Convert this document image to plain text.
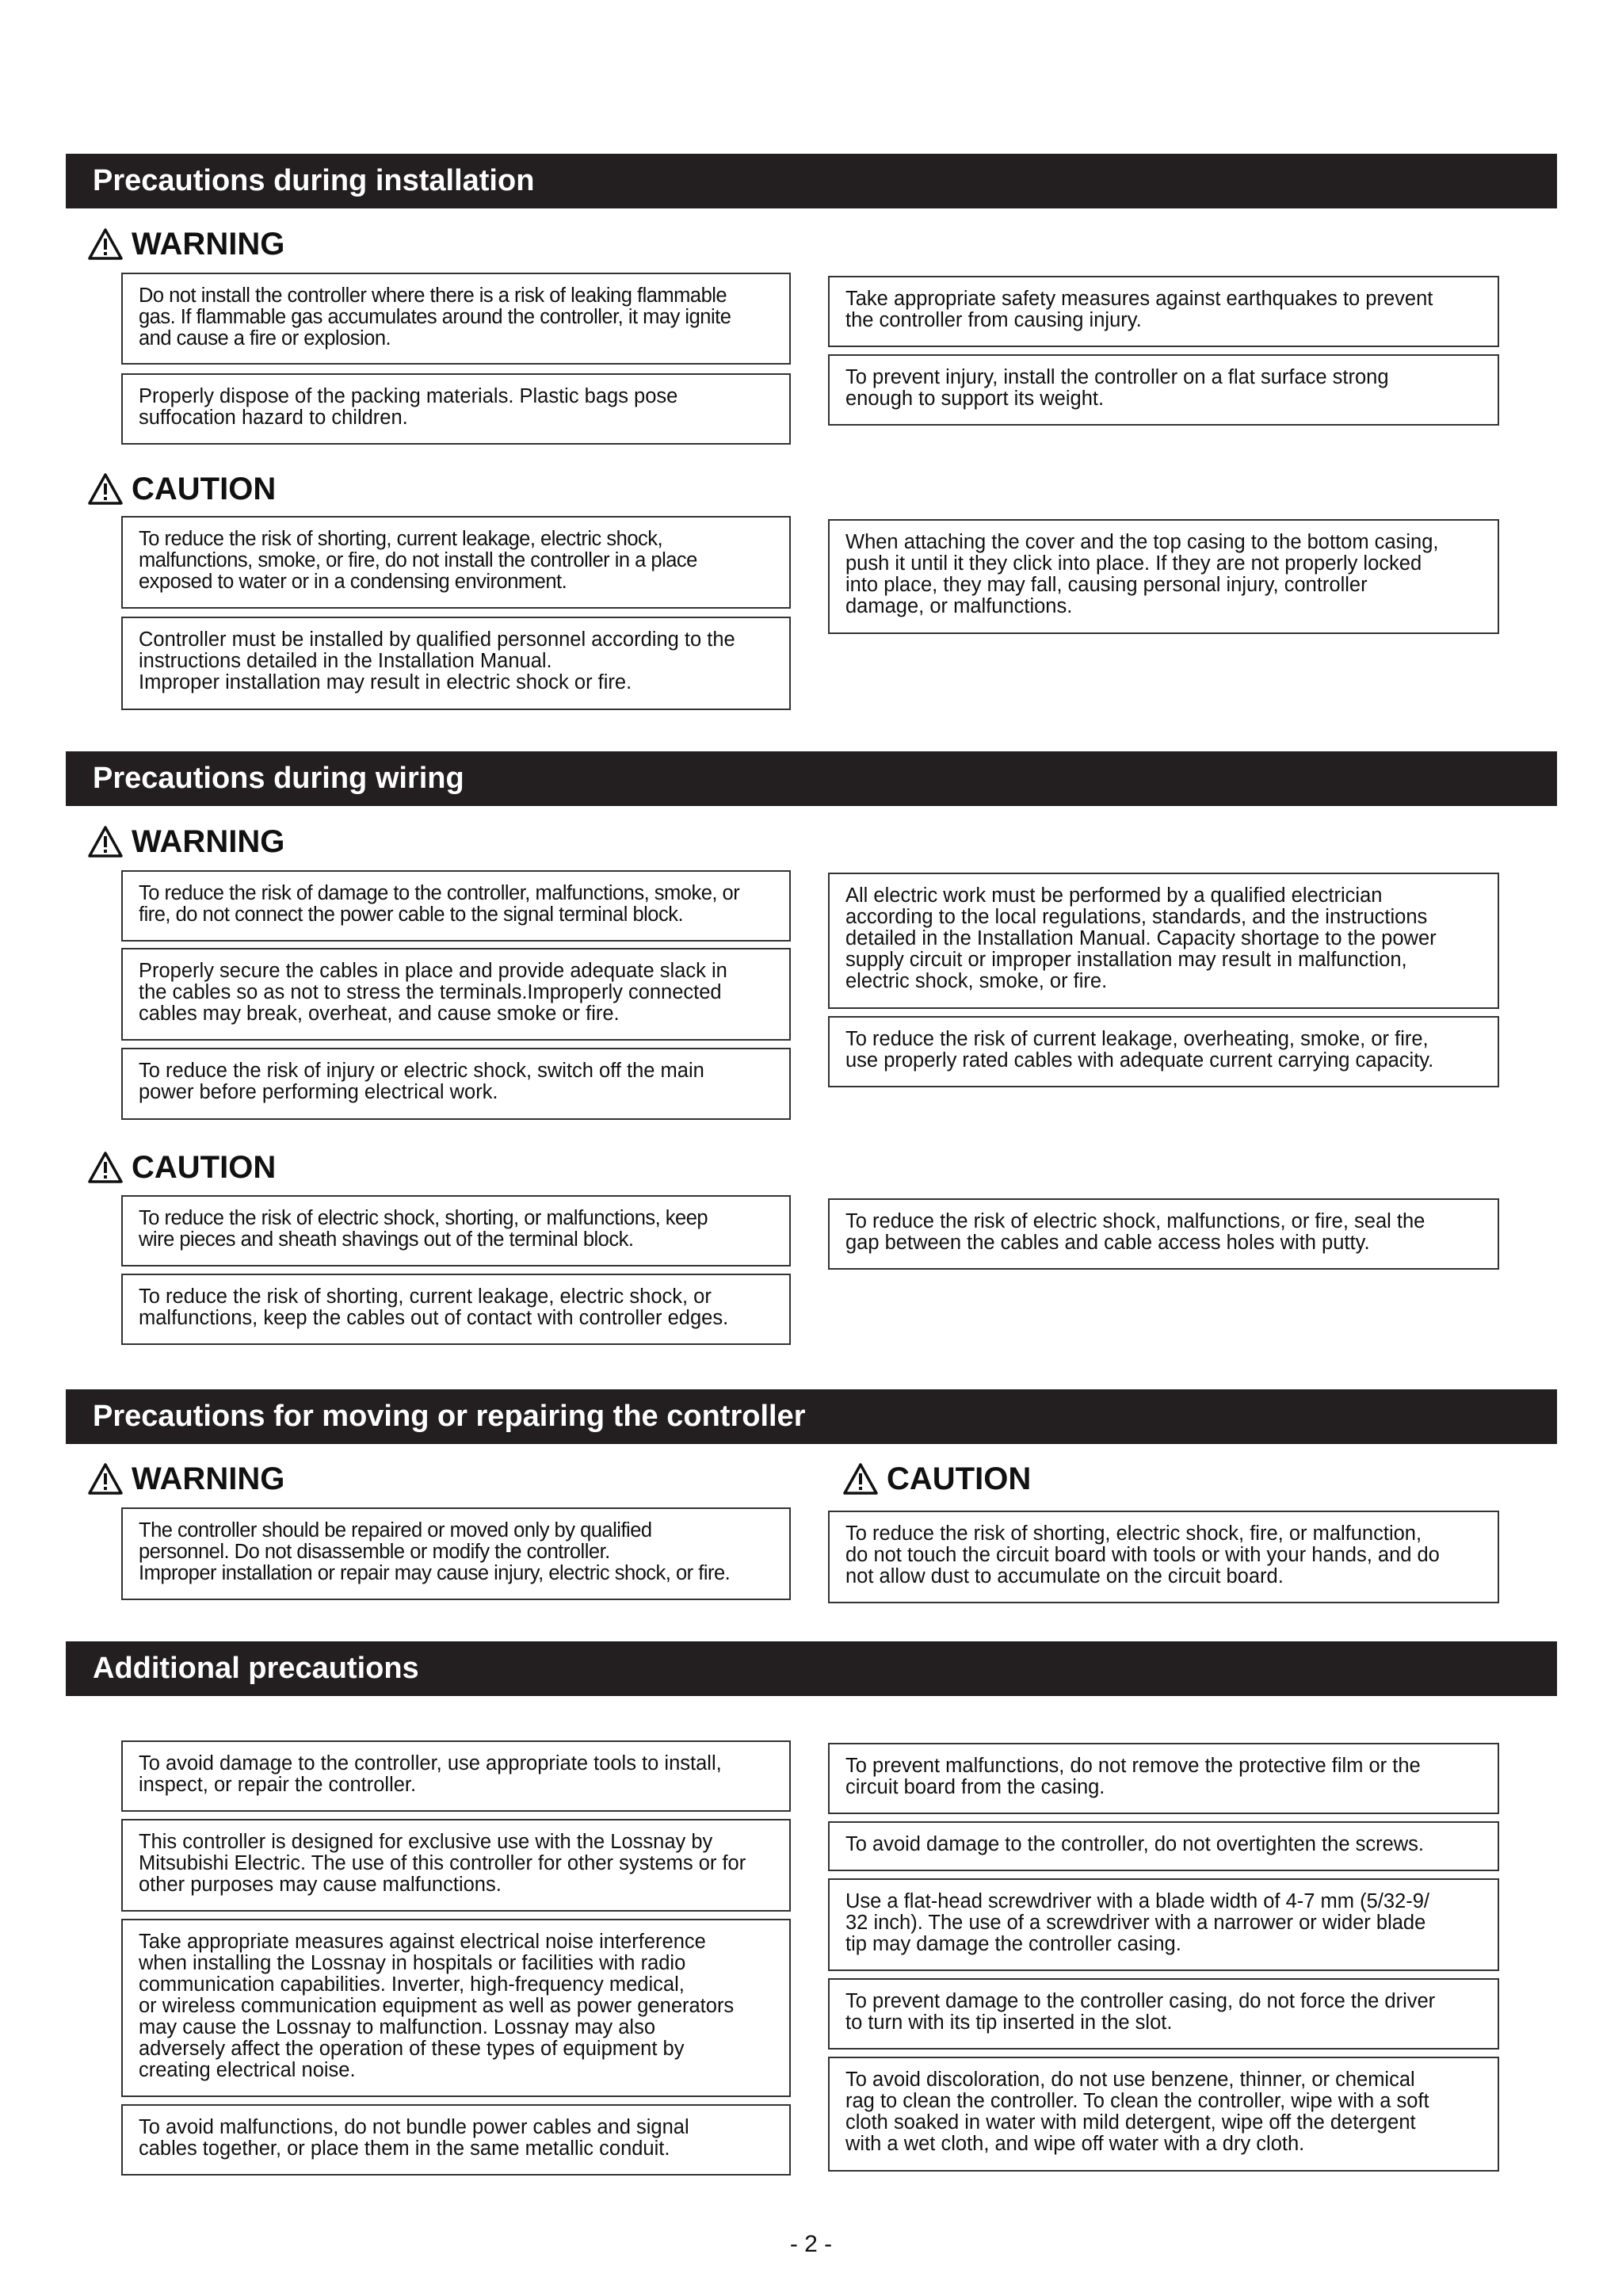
Precautions during installation
WARNING
Do not install the controller where there is a risk of leaking flammable
gas. If flammable gas accumulates around the controller, it may ignite
and cause a fire or explosion.
Properly dispose of the packing materials. Plastic bags pose
suffocation hazard to children.
Take appropriate safety measures against earthquakes to prevent
the controller from causing injury.
To prevent injury, install the controller on a flat surface strong
enough to support its weight.
CAUTION
To reduce the risk of shorting, current leakage, electric shock,
malfunctions, smoke, or fire, do not install the controller in a place
exposed to water or in a condensing environment.
Controller must be installed by qualified personnel according to the
instructions detailed in the Installation Manual.
Improper installation may result in electric shock or fire.
When attaching the cover and the top casing to the bottom casing,
push it until it they click into place. If they are not properly locked
into place, they may fall, causing personal injury, controller
damage, or malfunctions.
Precautions during wiring
WARNING
To reduce the risk of damage to the controller, malfunctions, smoke, or
fire, do not connect the power cable to the signal terminal block.
Properly secure the cables in place and provide adequate slack in
the cables so as not to stress the terminals.Improperly connected
cables may break, overheat, and cause smoke or fire.
To reduce the risk of injury or electric shock, switch off the main
power before performing electrical work.
All electric work must be performed by a qualified electrician
according to the local regulations, standards, and the instructions
detailed in the Installation Manual. Capacity shortage to the power
supply circuit or improper installation may result in malfunction,
electric shock, smoke, or fire.
To reduce the risk of current leakage, overheating, smoke, or fire,
use properly rated cables with adequate current carrying capacity.
CAUTION
To reduce the risk of electric shock, shorting, or malfunctions, keep
wire pieces and sheath shavings out of the terminal block.
To reduce the risk of shorting, current leakage, electric shock, or
malfunctions, keep the cables out of contact with controller edges.
To reduce the risk of electric shock, malfunctions, or fire, seal the
gap between the cables and cable access holes with putty.
Precautions for moving or repairing the controller
WARNING
The controller should be repaired or moved only by qualified
personnel. Do not disassemble or modify the controller.
Improper installation or repair may cause injury, electric shock, or fire.
CAUTION
To reduce the risk of shorting, electric shock, fire, or malfunction,
do not touch the circuit board with tools or with your hands, and do
not allow dust to accumulate on the circuit board.
Additional precautions
To avoid damage to the controller, use appropriate tools to install,
inspect, or repair the controller.
This controller is designed for exclusive use with the Lossnay by
Mitsubishi Electric. The use of this controller for other systems or for
other purposes may cause malfunctions.
Take appropriate measures against electrical noise interference
when installing the Lossnay in hospitals or facilities with radio
communication capabilities. Inverter, high-frequency medical,
or wireless communication equipment as well as power generators
may cause the Lossnay to malfunction. Lossnay may also
adversely affect the operation of these types of equipment by
creating electrical noise.
To avoid malfunctions, do not bundle power cables and signal
cables together, or place them in the same metallic conduit.
To prevent malfunctions, do not remove the protective film or the
circuit board from the casing.
To avoid damage to the controller, do not overtighten the screws.
Use a flat-head screwdriver with a blade width of 4-7 mm (5/32-9/
32 inch). The use of a screwdriver with a narrower or wider blade
tip may damage the controller casing.
To prevent damage to the controller casing, do not force the driver
to turn with its tip inserted in the slot.
To avoid discoloration, do not use benzene, thinner, or chemical
rag to clean the controller. To clean the controller, wipe with a soft
cloth soaked in water with mild detergent, wipe off the detergent
with a wet cloth, and wipe off water with a dry cloth.
- 2 -
